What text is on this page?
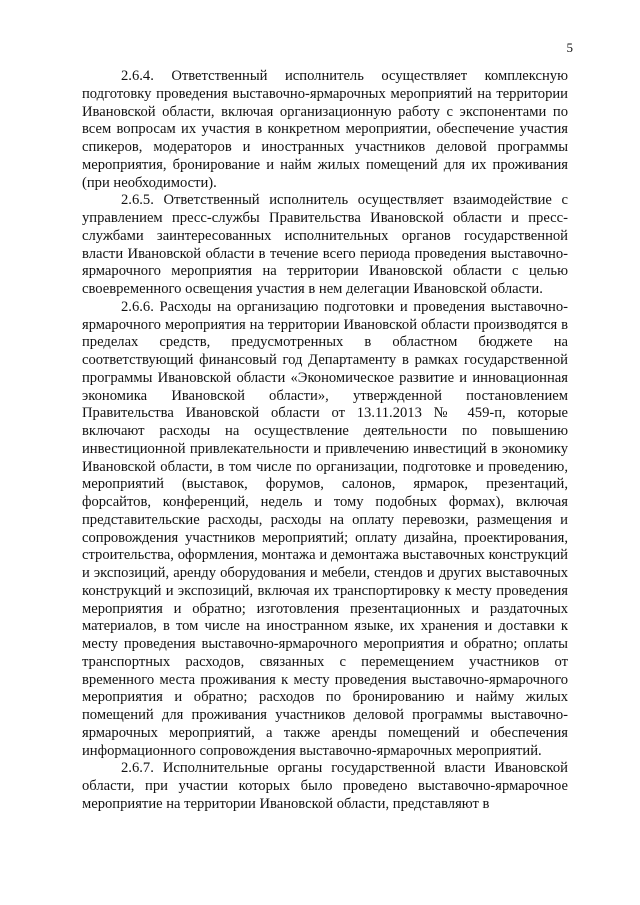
5

2.6.4. Ответственный исполнитель осуществляет комплексную подготовку проведения выставочно-ярмарочных мероприятий на территории Ивановской области, включая организационную работу с экспонентами по всем вопросам их участия в конкретном мероприятии, обеспечение участия спикеров, модераторов и иностранных участников деловой программы мероприятия, бронирование и найм жилых помещений для их проживания (при необходимости).

2.6.5. Ответственный исполнитель осуществляет взаимодействие с управлением пресс-службы Правительства Ивановской области и пресс-службами заинтересованных исполнительных органов государственной власти Ивановской области в течение всего периода проведения выставочно-ярмарочного мероприятия на территории Ивановской области с целью своевременного освещения участия в нем делегации Ивановской области.

2.6.6. Расходы на организацию подготовки и проведения выставочно-ярмарочного мероприятия на территории Ивановской области производятся в пределах средств, предусмотренных в областном бюджете на соответствующий финансовый год Департаменту в рамках государственной программы Ивановской области «Экономическое развитие и инновационная экономика Ивановской области», утвержденной постановлением Правительства Ивановской области от 13.11.2013 № 459-п, которые включают расходы на осуществление деятельности по повышению инвестиционной привлекательности и привлечению инвестиций в экономику Ивановской области, в том числе по организации, подготовке и проведению, мероприятий (выставок, форумов, салонов, ярмарок, презентаций, форсайтов, конференций, недель и тому подобных формах), включая представительские расходы, расходы на оплату перевозки, размещения и сопровождения участников мероприятий; оплату дизайна, проектирования, строительства, оформления, монтажа и демонтажа выставочных конструкций и экспозиций, аренду оборудования и мебели, стендов и других выставочных конструкций и экспозиций, включая их транспортировку к месту проведения мероприятия и обратно; изготовления презентационных и раздаточных материалов, в том числе на иностранном языке, их хранения и доставки к месту проведения выставочно-ярмарочного мероприятия и обратно; оплаты транспортных расходов, связанных с перемещением участников от временного места проживания к месту проведения выставочно-ярмарочного мероприятия и обратно; расходов по бронированию и найму жилых помещений для проживания участников деловой программы выставочно-ярмарочных мероприятий, а также аренды помещений и обеспечения информационного сопровождения выставочно-ярмарочных мероприятий.

2.6.7. Исполнительные органы государственной власти Ивановской области, при участии которых было проведено выставочно-ярмарочное мероприятие на территории Ивановской области, представляют в
